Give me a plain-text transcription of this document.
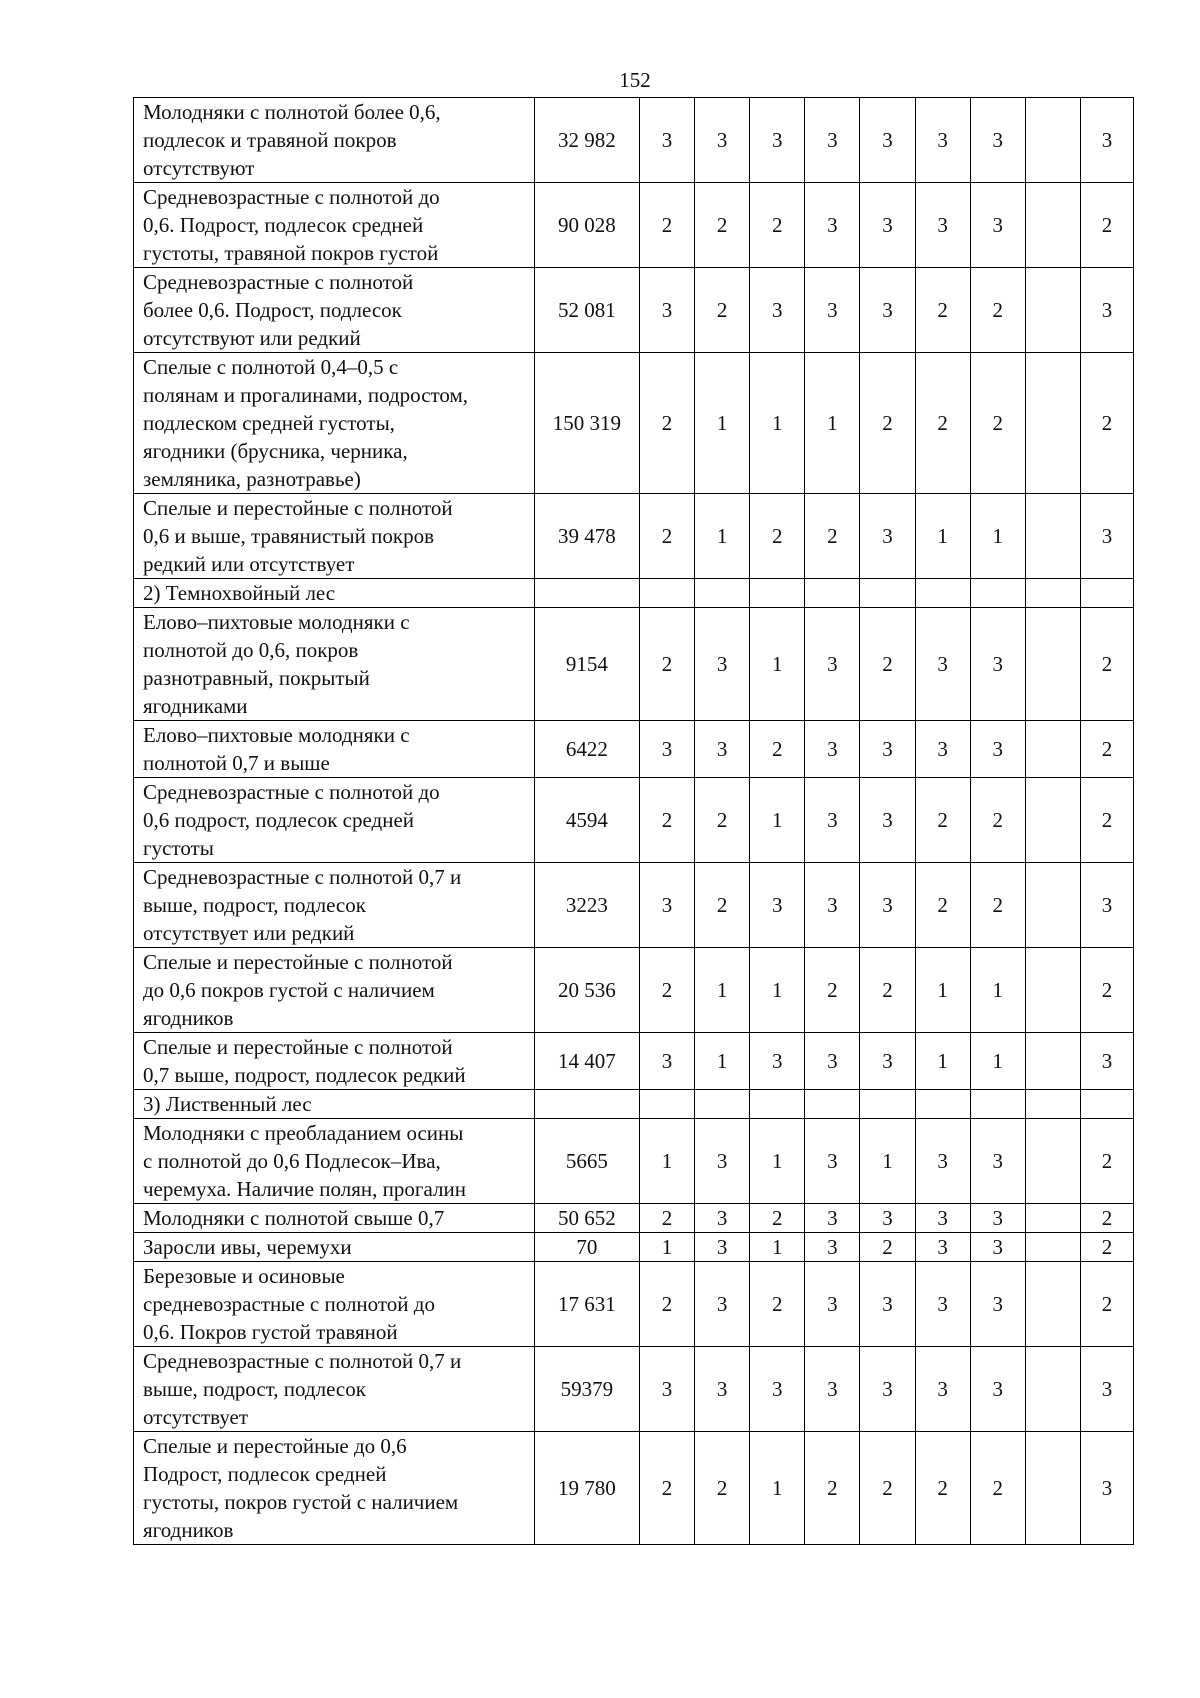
152
Молодняки с полнотой более 0,6,
подлесок и травяной покров
отсутствуют	32 982	3	3	3	3	3	3	3		3
Средневозрастные с полнотой до
0,6. Подрост, подлесок средней
густоты, травяной покров густой	90 028	2	2	2	3	3	3	3		2
Средневозрастные с полнотой
более 0,6. Подрост, подлесок
отсутствуют или редкий	52 081	3	2	3	3	3	2	2		3
Спелые с полнотой 0,4–0,5 с
полянам и прогалинами, подростом,
подлеском средней густоты,
ягодники (брусника, черника,
земляника, разнотравье)	150 319	2	1	1	1	2	2	2		2
Спелые и перестойные с полнотой
0,6 и выше, травянистый покров
редкий или отсутствует	39 478	2	1	2	2	3	1	1		3
2) Темнохвойный лес										
Елово–пихтовые молодняки с
полнотой до 0,6, покров
разнотравный, покрытый
ягодниками	9154	2	3	1	3	2	3	3		2
Елово–пихтовые молодняки с
полнотой 0,7 и выше	6422	3	3	2	3	3	3	3		2
Средневозрастные с полнотой до
0,6 подрост, подлесок средней
густоты	4594	2	2	1	3	3	2	2		2
Средневозрастные с полнотой 0,7 и
выше, подрост, подлесок
отсутствует или редкий	3223	3	2	3	3	3	2	2		3
Спелые и перестойные с полнотой
до 0,6 покров густой с наличием
ягодников	20 536	2	1	1	2	2	1	1		2
Спелые и перестойные с полнотой
0,7 выше, подрост, подлесок редкий	14 407	3	1	3	3	3	1	1		3
3) Лиственный лес										
Молодняки с преобладанием осины
с полнотой до 0,6 Подлесок–Ива,
черемуха. Наличие полян, прогалин	5665	1	3	1	3	1	3	3		2
Молодняки с полнотой свыше 0,7	50 652	2	3	2	3	3	3	3		2
Заросли ивы, черемухи	70	1	3	1	3	2	3	3		2
Березовые и осиновые
средневозрастные с полнотой до
0,6. Покров густой травяной	17 631	2	3	2	3	3	3	3		2
Средневозрастные с полнотой 0,7 и
выше, подрост, подлесок
отсутствует	59379	3	3	3	3	3	3	3		3
Спелые и перестойные до 0,6
Подрост, подлесок средней
густоты, покров густой с наличием
ягодников	19 780	2	2	1	2	2	2	2		3
